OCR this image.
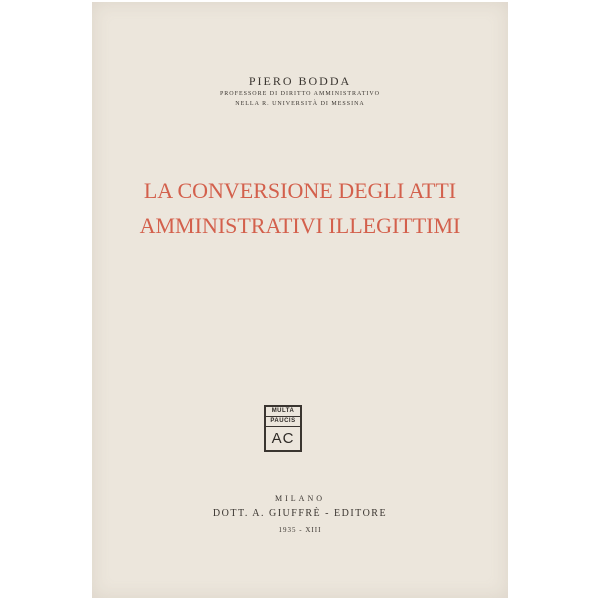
PIERO BODDA
PROFESSORE DI DIRITTO AMMINISTRATIVO
NELLA R. UNIVERSITÀ DI MESSINA
LA CONVERSIONE DEGLI ATTI
AMMINISTRATIVI ILLEGITTIMI
MULTA
PAUCIS
AC
MILANO
DOTT. A. GIUFFRÈ - EDITORE
1935 - XIII
